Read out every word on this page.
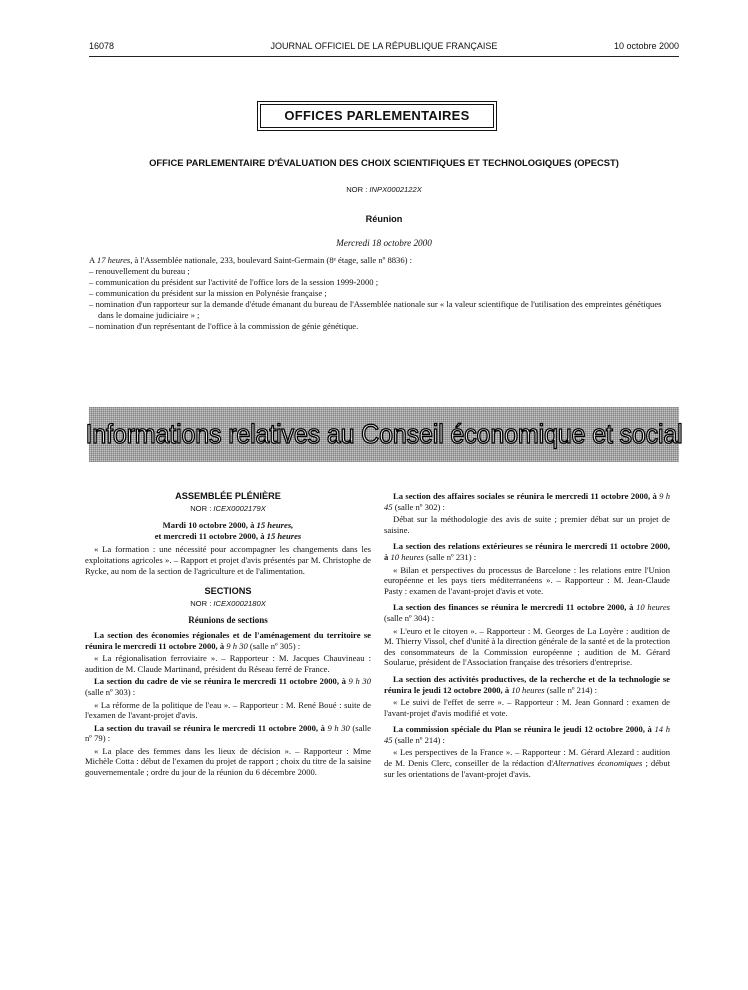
16078	JOURNAL OFFICIEL DE LA RÉPUBLIQUE FRANÇAISE	10 octobre 2000
OFFICES PARLEMENTAIRES
OFFICE PARLEMENTAIRE D'ÉVALUATION DES CHOIX SCIENTIFIQUES ET TECHNOLOGIQUES (OPECST)
NOR : INPX0002122X
Réunion
Mercredi 18 octobre 2000

A 17 heures, à l'Assemblée nationale, 233, boulevard Saint-Germain (8ᵉ étage, salle nº 8836) :

– renouvellement du bureau ;

– communication du président sur l'activité de l'office lors de la session 1999-2000 ;

– communication du président sur la mission en Polynésie française ;

– nomination d'un rapporteur sur la demande d'étude émanant du bureau de l'Assemblée nationale sur « la valeur scientifique de l'utilisation des empreintes génétiques dans le domaine judiciaire » ;

– nomination d'un représentant de l'office à la commission de génie génétique.

Informations relatives au Conseil économique et social

ASSEMBLÉE PLÉNIÈRE

NOR : ICEX0002179X

Mardi 10 octobre 2000, à 15 heures,

et mercredi 11 octobre 2000, à 15 heures

« La formation : une nécessité pour accompagner les changements dans les exploitations agricoles ». – Rapport et projet d'avis présentés par M. Christophe de Rycke, au nom de la section de l'agriculture et de l'alimentation.

SECTIONS

NOR : ICEX0002180X

Réunions de sections

La section des économies régionales et de l'aménagement du territoire se réunira le mercredi 11 octobre 2000, à 9 h 30 (salle nº 305) :

« La régionalisation ferroviaire ». – Rapporteur : M. Jacques Chauvineau : audition de M. Claude Martinand, président du Réseau ferré de France.

La section du cadre de vie se réunira le mercredi 11 octobre 2000, à 9 h 30 (salle nº 303) :

« La réforme de la politique de l'eau ». – Rapporteur : M. René Boué : suite de l'examen de l'avant-projet d'avis.

La section du travail se réunira le mercredi 11 octobre 2000, à 9 h 30 (salle nº 79) :

« La place des femmes dans les lieux de décision ». – Rapporteur : Mme Michèle Cotta : début de l'examen du projet de rapport ; choix du titre de la saisine gouvernementale ; ordre du jour de la réunion du 6 décembre 2000.

La section des affaires sociales se réunira le mercredi 11 octobre 2000, à 9 h 45 (salle nº 302) :

Débat sur la méthodologie des avis de suite ; premier débat sur un projet de saisine.

La section des relations extérieures se réunira le mercredi 11 octobre 2000, à 10 heures (salle nº 231) :

« Bilan et perspectives du processus de Barcelone : les relations entre l'Union européenne et les pays tiers méditerranéens ». – Rapporteur : M. Jean-Claude Pasty : examen de l'avant-projet d'avis et vote.

La section des finances se réunira le mercredi 11 octobre 2000, à 10 heures (salle nº 304) :

« L'euro et le citoyen ». – Rapporteur : M. Georges de La Loyère : audition de M. Thierry Vissol, chef d'unité à la direction générale de la santé et de la protection des consommateurs de la Commission européenne ; audition de M. Gérard Soularue, président de l'Association française des trésoriers d'entreprise.

La section des activités productives, de la recherche et de la technologie se réunira le jeudi 12 octobre 2000, à 10 heures (salle nº 214) :

« Le suivi de l'effet de serre ». – Rapporteur : M. Jean Gonnard : examen de l'avant-projet d'avis modifié et vote.

La commission spéciale du Plan se réunira le jeudi 12 octobre 2000, à 14 h 45 (salle nº 214) :

« Les perspectives de la France ». – Rapporteur : M. Gérard Alezard : audition de M. Denis Clerc, conseiller de la rédaction d'Alternatives économiques ; début sur les orientations de l'avant-projet d'avis.
